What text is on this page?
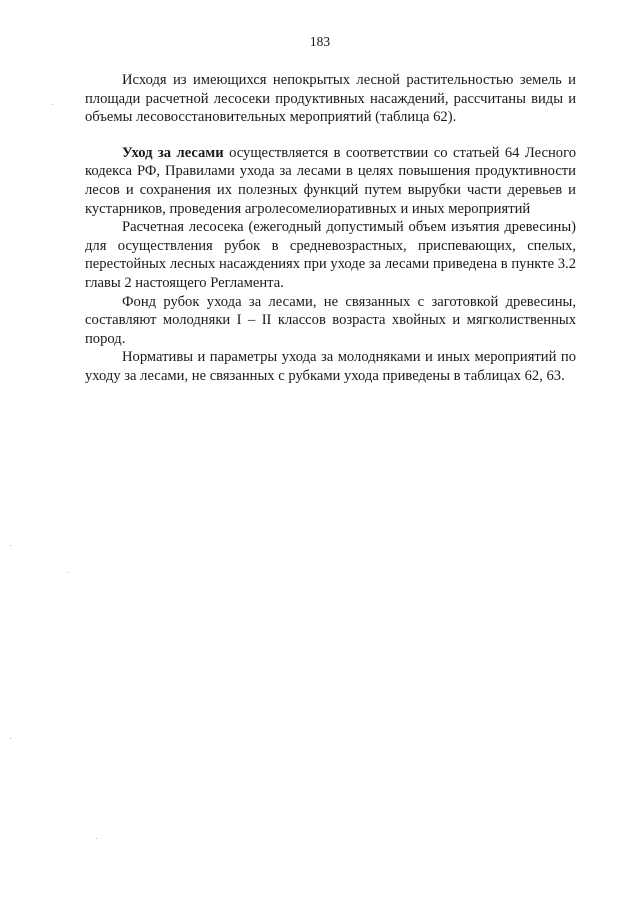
183

Исходя из имеющихся непокрытых лесной растительностью земель и площади расчетной лесосеки продуктивных насаждений, рассчитаны виды и объемы лесовосстановительных мероприятий (таблица 62).

Уход за лесами осуществляется в соответствии со статьей 64 Лесного кодекса РФ, Правилами ухода за лесами в целях повышения продуктивности лесов и сохранения их полезных функций путем вырубки части деревьев и кустарников, проведения агролесомелиоративных и иных мероприятий

Расчетная лесосека (ежегодный допустимый объем изъятия древесины) для осуществления рубок в средневозрастных, приспевающих, спелых, перестойных лесных насаждениях при уходе за лесами приведена в пункте 3.2 главы 2 настоящего Регламента.

Фонд рубок ухода за лесами, не связанных с заготовкой древесины, составляют молодняки I – II классов возраста хвойных и мягколиственных пород.

Нормативы и параметры ухода за молодняками и иных мероприятий по уходу за лесами, не связанных с рубками ухода приведены в таблицах 62, 63.
